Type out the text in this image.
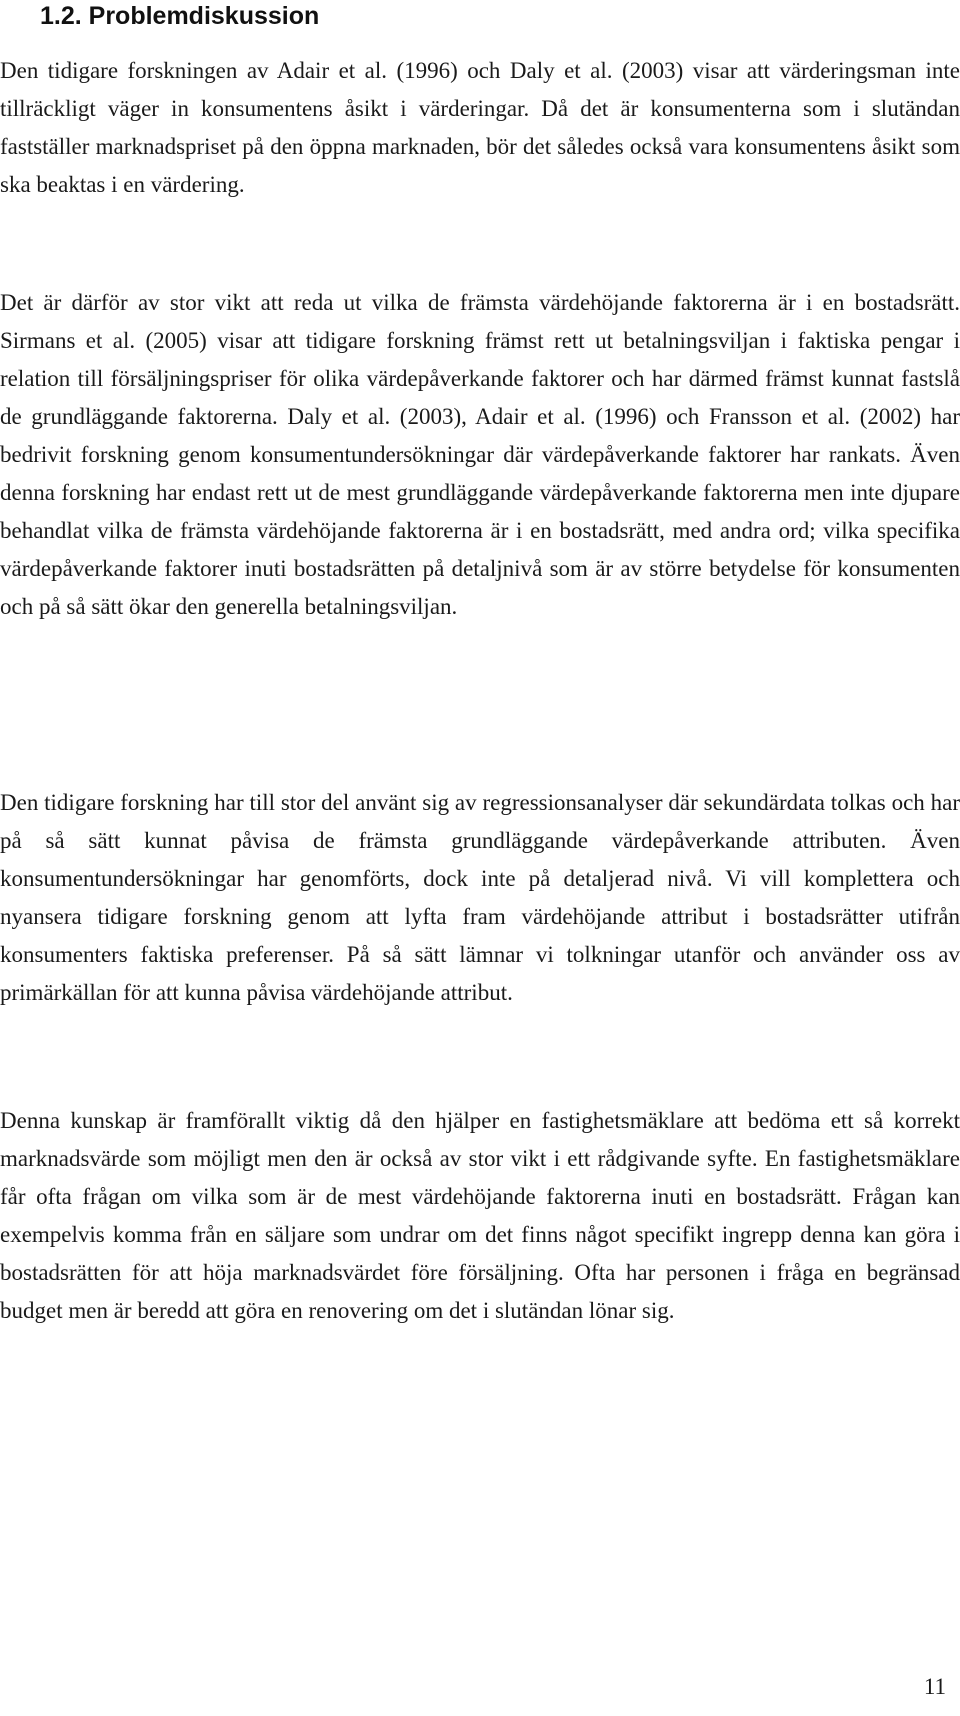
1.2. Problemdiskussion

Den tidigare forskningen av Adair et al. (1996) och Daly et al. (2003) visar att värderingsman inte tillräckligt väger in konsumentens åsikt i värderingar. Då det är konsumenterna som i slutändan fastställer marknadspriset på den öppna marknaden, bör det således också vara konsumentens åsikt som ska beaktas i en värdering.

Det är därför av stor vikt att reda ut vilka de främsta värdehöjande faktorerna är i en bostadsrätt. Sirmans et al. (2005) visar att tidigare forskning främst rett ut betalningsviljan i faktiska pengar i relation till försäljningspriser för olika värdepåverkande faktorer och har därmed främst kunnat fastslå de grundläggande faktorerna. Daly et al. (2003), Adair et al. (1996) och Fransson et al. (2002) har bedrivit forskning genom konsumentundersökningar där värdepåverkande faktorer har rankats. Även denna forskning har endast rett ut de mest grundläggande värdepåverkande faktorerna men inte djupare behandlat vilka de främsta värdehöjande faktorerna är i en bostadsrätt, med andra ord; vilka specifika värdepåverkande faktorer inuti bostadsrätten på detaljnivå som är av större betydelse för konsumenten och på så sätt ökar den generella betalningsviljan.

Den tidigare forskning har till stor del använt sig av regressionsanalyser där sekundärdata tolkas och har på så sätt kunnat påvisa de främsta grundläggande värdepåverkande attributen. Även konsumentundersökningar har genomförts, dock inte på detaljerad nivå. Vi vill komplettera och nyansera tidigare forskning genom att lyfta fram värdehöjande attribut i bostadsrätter utifrån konsumenters faktiska preferenser. På så sätt lämnar vi tolkningar utanför och använder oss av primärkällan för att kunna påvisa värdehöjande attribut.

Denna kunskap är framförallt viktig då den hjälper en fastighetsmäklare att bedöma ett så korrekt marknadsvärde som möjligt men den är också av stor vikt i ett rådgivande syfte. En fastighetsmäklare får ofta frågan om vilka som är de mest värdehöjande faktorerna inuti en bostadsrätt. Frågan kan exempelvis komma från en säljare som undrar om det finns något specifikt ingrepp denna kan göra i bostadsrätten för att höja marknadsvärdet före försäljning. Ofta har personen i fråga en begränsad budget men är beredd att göra en renovering om det i slutändan lönar sig.

11
